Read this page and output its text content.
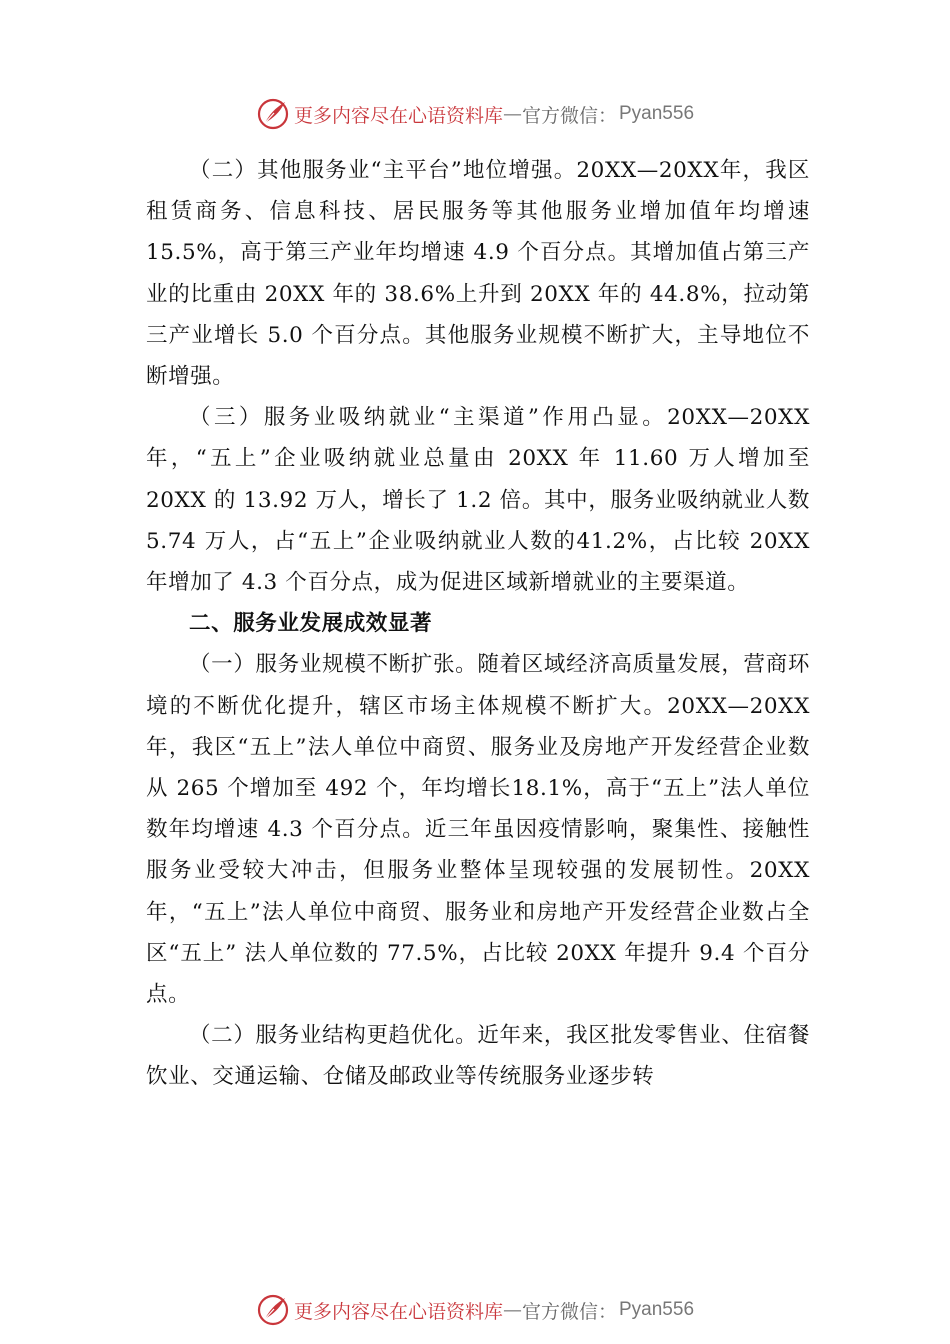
更多内容尽在心语资料库 — 官方微信： Pyan556

（二）其他服务业“主平台”地位增强。20XX—20XX年，我区租赁商务、信息科技、居民服务等其他服务业增加值年均增速 15.5%，高于第三产业年均增速 4.9 个百分点。其增加值占第三产业的比重由 20XX 年的 38.6%上升到 20XX 年的 44.8%，拉动第三产业增长 5.0 个百分点。其他服务业规模不断扩大，主导地位不断增强。

（三）服务业吸纳就业“主渠道”作用凸显。20XX—20XX年，“五上”企业吸纳就业总量由 20XX 年 11.60 万人增加至 20XX 的 13.92 万人，增长了 1.2 倍。其中，服务业吸纳就业人数 5.74 万人，占“五上”企业吸纳就业人数的41.2%，占比较 20XX 年增加了 4.3 个百分点，成为促进区域新增就业的主要渠道。

二、服务业发展成效显著

（一）服务业规模不断扩张。随着区域经济高质量发展，营商环境的不断优化提升，辖区市场主体规模不断扩大。20XX—20XX 年，我区“五上”法人单位中商贸、服务业及房地产开发经营企业数从 265 个增加至 492 个，年均增长18.1%，高于“五上”法人单位数年均增速 4.3 个百分点。近三年虽因疫情影响，聚集性、接触性服务业受较大冲击，但服务业整体呈现较强的发展韧性。20XX 年，“五上”法人单位中商贸、服务业和房地产开发经营企业数占全区“五上” 法人单位数的 77.5%，占比较 20XX 年提升 9.4 个百分点。

（二）服务业结构更趋优化。近年来，我区批发零售业、住宿餐饮业、交通运输、仓储及邮政业等传统服务业逐步转

更多内容尽在心语资料库 — 官方微信： Pyan556
